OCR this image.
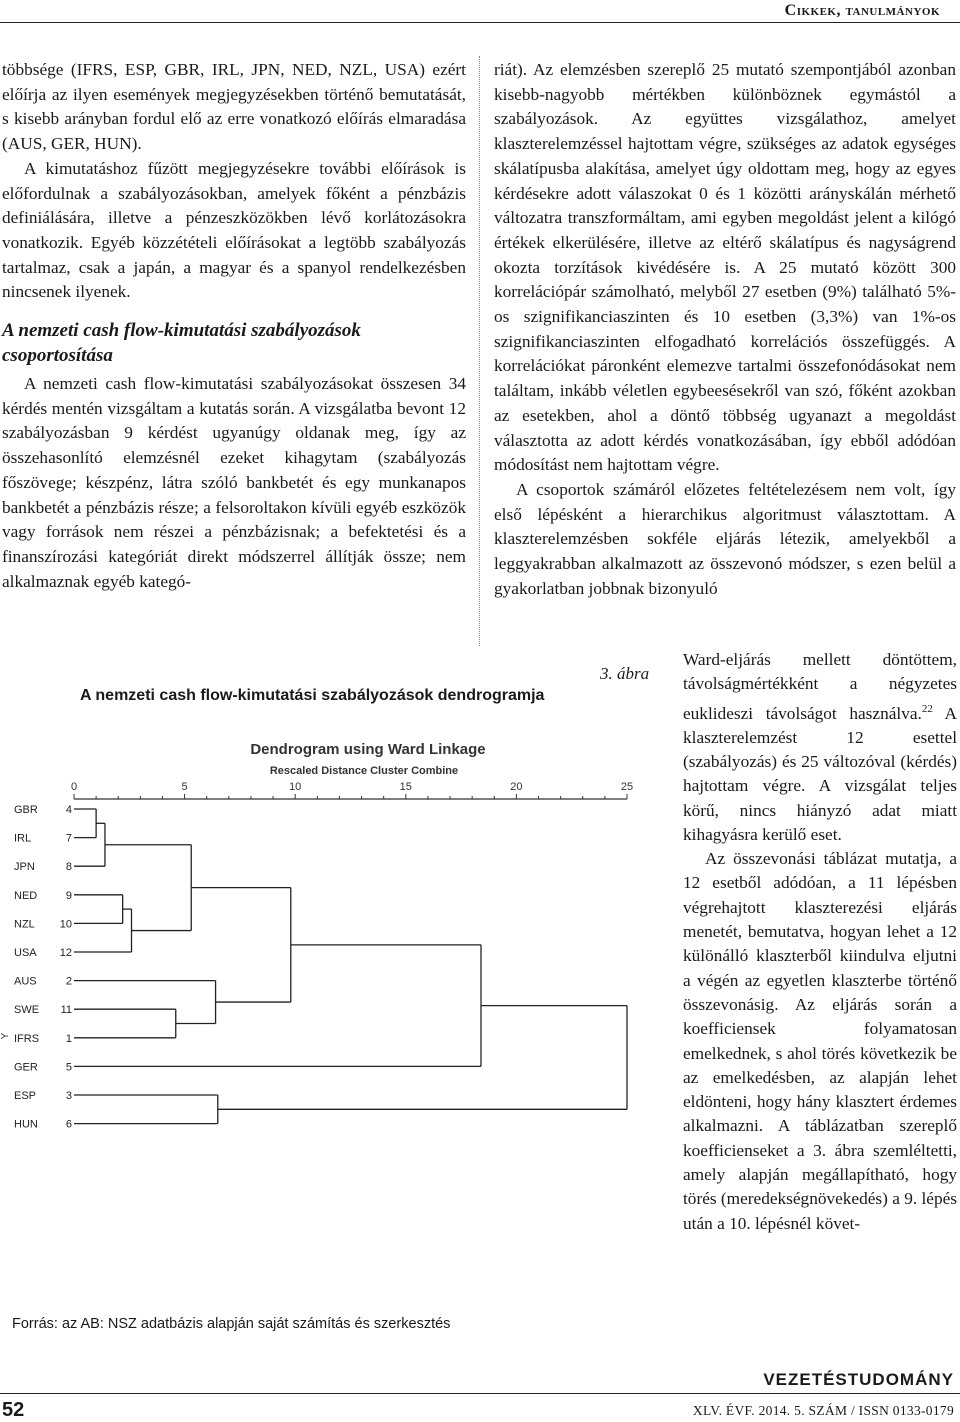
Cikkek, tanulmányok

többsége (IFRS, ESP, GBR, IRL, JPN, NED, NZL, USA) ezért előírja az ilyen események megjegyzésekben történő bemutatását, s kisebb arányban fordul elő az erre vonatkozó előírás elmaradása (AUS, GER, HUN).

A kimutatáshoz fűzött megjegyzésekre további előírások is előfordulnak a szabályozásokban, amelyek főként a pénzbázis definiálására, illetve a pénzeszközökben lévő korlátozásokra vonatkozik. Egyéb közzétételi előírásokat a legtöbb szabályozás tartalmaz, csak a japán, a magyar és a spanyol rendelkezésben nincsenek ilyenek.

A nemzeti cash flow-kimutatási szabályozások csoportosítása

A nemzeti cash flow-kimutatási szabályozásokat összesen 34 kérdés mentén vizsgáltam a kutatás során. A vizsgálatba bevont 12 szabályozásban 9 kérdést ugyanúgy oldanak meg, így az összehasonlító elemzésnél ezeket kihagytam (szabályozás főszövege; készpénz, látra szóló bankbetét és egy munkanapos bankbetét a pénzbázis része; a felsoroltakon kívüli egyéb eszközök vagy források nem részei a pénzbázisnak; a befektetési és a finanszírozási kategóriát direkt módszerrel állítják össze; nem alkalmaznak egyéb kategó-

riát). Az elemzésben szereplő 25 mutató szempontjából azonban kisebb-nagyobb mértékben különböznek egymástól a szabályozások. Az együttes vizsgálathoz, amelyet klaszterelemzéssel hajtottam végre, szükséges az adatok egységes skálatípusba alakítása, amelyet úgy oldottam meg, hogy az egyes kérdésekre adott válaszokat 0 és 1 közötti arányskálán mérhető változatra transzformáltam, ami egyben megoldást jelent a kilógó értékek elkerülésére, illetve az eltérő skálatípus és nagyságrend okozta torzítások kivédésére is. A 25 mutató között 300 korrelációpár számolható, melyből 27 esetben (9%) található 5%-os szignifikanciaszinten és 10 esetben (3,3%) van 1%-os szignifikanciaszinten elfogadható korrelációs összefüggés. A korrelációkat páronként elemezve tartalmi összefonódásokat nem találtam, inkább véletlen egybeesésekről van szó, főként azokban az esetekben, ahol a döntő többség ugyanazt a megoldást választotta az adott kérdés vonatkozásában, így ebből adódóan módosítást nem hajtottam végre.

A csoportok számáról előzetes feltételezésem nem volt, így első lépésként a hierarchikus algoritmust választottam. A klaszterelemzésben sokféle eljárás létezik, amelyekből a leggyakrabban alkalmazott az összevonó módszer, s ezen belül a gyakorlatban jobbnak bizonyuló

Ward-eljárás mellett döntöttem, távolságmértékként a négyzetes euklideszi távolságot használva.$^{22}$ A klaszterelemzést 12 esettel (szabályozás) és 25 változóval (kérdés) hajtottam végre. A vizsgálat teljes körű, nincs hiányzó adat miatt kihagyásra kerülő eset.

Az összevonási táblázat mutatja, a 12 esetből adódóan, a 11 lépésben végrehajtott klaszterezési eljárás menetét, bemutatva, hogyan lehet a 12 különálló klaszterből kiindulva eljutni a végén az egyetlen klaszterbe történő összevonásig. Az eljárás során a koefficiensek folyamatosan emelkednek, s ahol törés következik be az emelkedésben, az alapján lehet eldönteni, hogy hány klasztert érdemes alkalmazni. A táblázatban szereplő koefficienseket a 3. ábra szemléltetti, amely alapján megállapítható, hogy törés (meredekségnövekedés) a 9. lépés után a 10. lépésnél követ-

3. ábra
A nemzeti cash flow-kimutatási szabályozások dendrogramja
Dendrogram using Ward Linkage
Rescaled Distance Cluster Combine
0	5	10	15	20	25
Y
GBR	4
IRL	7
JPN	8
NED	9
NZL 10
USA 12
AUS	2
SWE 11
IFRS 1
GER	5
ESP	3
HUN	6
Forrás: az AB: NSZ adatbázis alapján saját számítás és szerkesztés
VEZETÉSTUDOMÁNY
52	XLV. ÉVF. 2014. 5. SZÁM / ISSN 0133-0179
